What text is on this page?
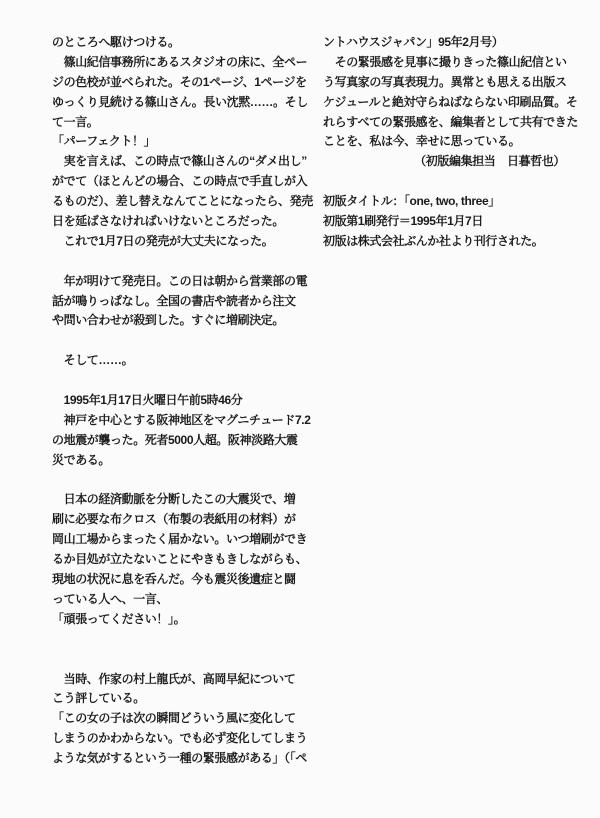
のところへ駆けつける。
　篠山紀信事務所にあるスタジオの床に、全ペー
ジの色校が並べられた。その1ページ、1ページを
ゆっくり見続ける篠山さん。長い沈黙……。そし
て一言。
「パーフェクト！」
　実を言えば、この時点で篠山さんの“ダメ出し”
がでて（ほとんどの場合、この時点で手直しが入
るものだ）、差し替えなんてことになったら、発売
日を延ばさなければいけないところだった。
　これで1月7日の発売が大丈夫になった。
　年が明けて発売日。この日は朝から営業部の電
話が鳴りっぱなし。全国の書店や読者から注文
や問い合わせが殺到した。すぐに増刷決定。
　そして……。
　1995年1月17日火曜日午前5時46分
　神戸を中心とする阪神地区をマグニチュード7.2
の地震が襲った。死者5000人超。阪神淡路大震
災である。
　日本の経済動脈を分断したこの大震災で、増
刷に必要な布クロス（布製の表紙用の材料）が
岡山工場からまったく届かない。いつ増刷ができ
るか目処が立たないことにやきもきしながらも、
現地の状況に息を呑んだ。今も震災後遺症と闘
っている人へ、一言、
「頑張ってください！」。
　当時、作家の村上龍氏が、高岡早紀について
こう評している。
「この女の子は次の瞬間どういう風に変化して
しまうのかわからない。でも必ず変化してしまう
ような気がするという一種の緊張感がある」（「ペ
ントハウスジャパン」95年2月号）
　その緊張感を見事に撮りきった篠山紀信とい
う写真家の写真表現力。異常とも思える出版ス
ケジュールと絶対守らねばならない印刷品質。そ
れらすべての緊張感を、編集者として共有できた
ことを、私は今、幸せに思っている。
（初版編集担当　日暮哲也）
初版タイトル：「one, two, three」
初版第1刷発行＝1995年1月7日
初版は株式会社ぶんか社より刊行された。
